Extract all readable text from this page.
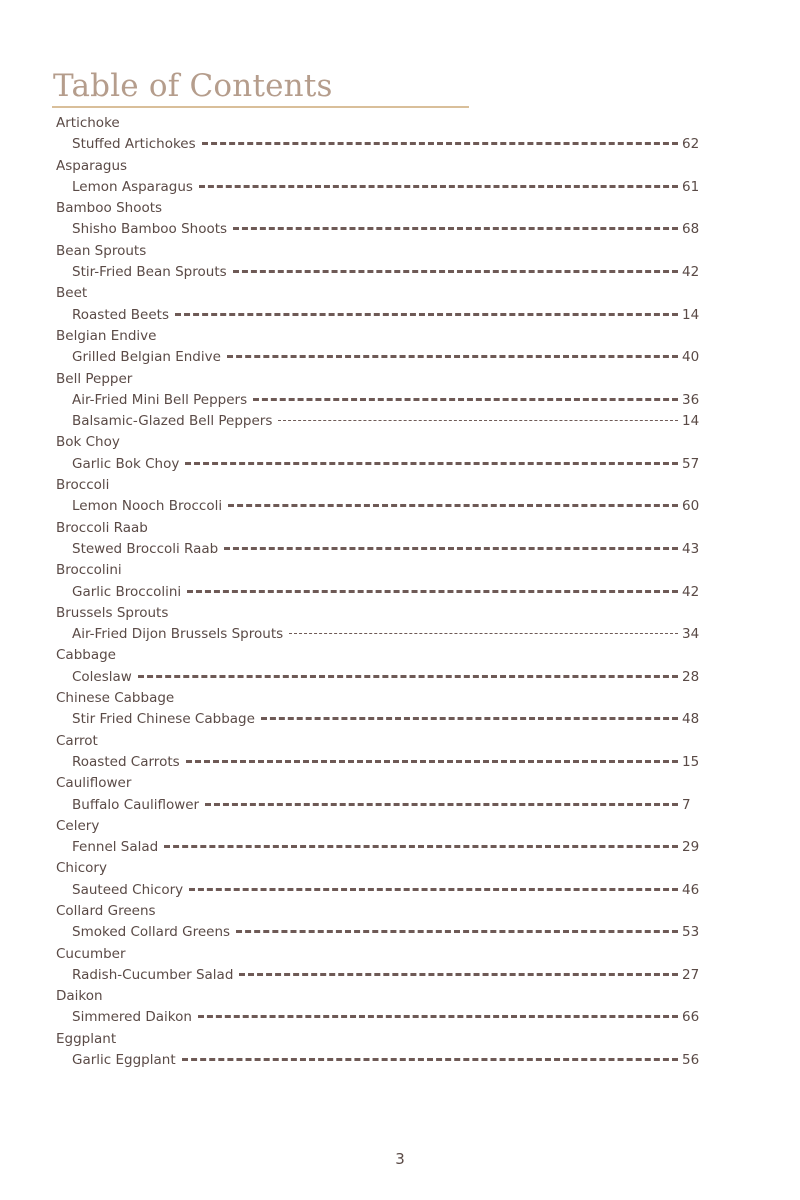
Table of Contents
Artichoke
Stuffed Artichokes	62
Asparagus
Lemon Asparagus	61
Bamboo Shoots
Shisho Bamboo Shoots	68
Bean Sprouts
Stir-Fried Bean Sprouts	42
Beet
Roasted Beets	14
Belgian Endive
Grilled Belgian Endive	40
Bell Pepper
Air-Fried Mini Bell Peppers	36
Balsamic-Glazed Bell Peppers	14
Bok Choy
Garlic Bok Choy	57
Broccoli
Lemon Nooch Broccoli	60
Broccoli Raab
Stewed Broccoli Raab	43
Broccolini
Garlic Broccolini	42
Brussels Sprouts
Air-Fried Dijon Brussels Sprouts	34
Cabbage
Coleslaw	28
Chinese Cabbage
Stir Fried Chinese Cabbage	48
Carrot
Roasted Carrots	15
Cauliflower
Buffalo Cauliflower	7
Celery
Fennel Salad	29
Chicory
Sauteed Chicory	46
Collard Greens
Smoked Collard Greens	53
Cucumber
Radish-Cucumber Salad	27
Daikon
Simmered Daikon	66
Eggplant
Garlic Eggplant	56
3
